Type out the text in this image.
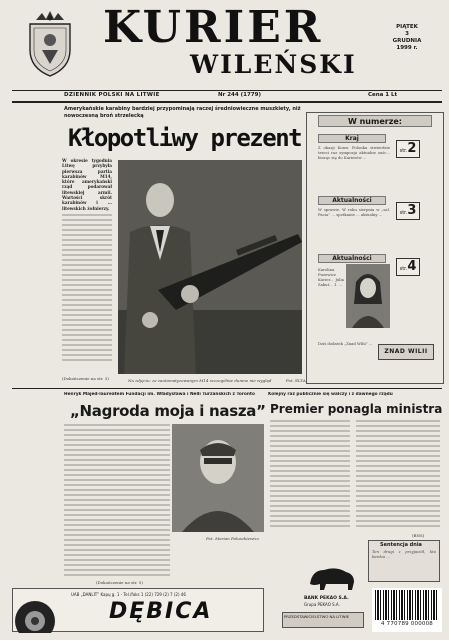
KURIER
WILEŃSKI
PIĄTEK
3
GRUDNIA
1999 r.
DZIENNIK POLSKI NA LITWIE	Nr 244 (1779)	Cena 1 Lt
Amerykańskie karabiny bardziej przypominają raczej średniowieczne muszkiety, niż nowoczesną broń strzelecką
Kłopotliwy prezent
W okresie tygodnia Litwę przybyła pierwsza partia karabinów M14, które amerykański rząd podarował litewskiej armii. Wartości skrót karabinów i ... litewskich żołnierzy.
(Dokończenie na str. 3)	Na zdjęciu: ze zautomatyzowanym M14 szczególnie dumne nie wygląd	Fot. ELTA
W numerze:
Kraj
Z okazji Konw. Polonka stwierdzie trzeci raz sympozja aktualne zaśc... biorąc się do Kurierów ...
str.2
Aktualności
W sprawie. W roku sierpnia w „sal. Pacia” ... spotkanie ... aktualny ...	str.3
Aktualności
Karolina Puzewicz Kurier... Julia Sakut... 1. ...
str.4
Dziś dodatek „Znad Wilii” ...
ZNAD WILII
Henryk Majed-laureatem Fundacji im. Władysława i Nelli Turzańskich z Toronto
„Nagroda moja i nasza”
(Dokończenie na str. 5)
Fot. Marian Paluszkiewicz
Kolejny raz publicznie się walczy i z dawnego rządu
Premier ponagla ministra
(BNS)
Sentencja dnia
Ten drugi z przyjaciół, kto bardzo ...
BANK PEKAO S.A.
Grupa PEKAO S.A.
PRZEDSTAWICIELSTWO NA LITWIE
UAB „DANLIT” Kapų g. 1 - Tel./faks 1 (22) 729 (2) 7 (2) 46
DĘBICA	4 770789 000008
